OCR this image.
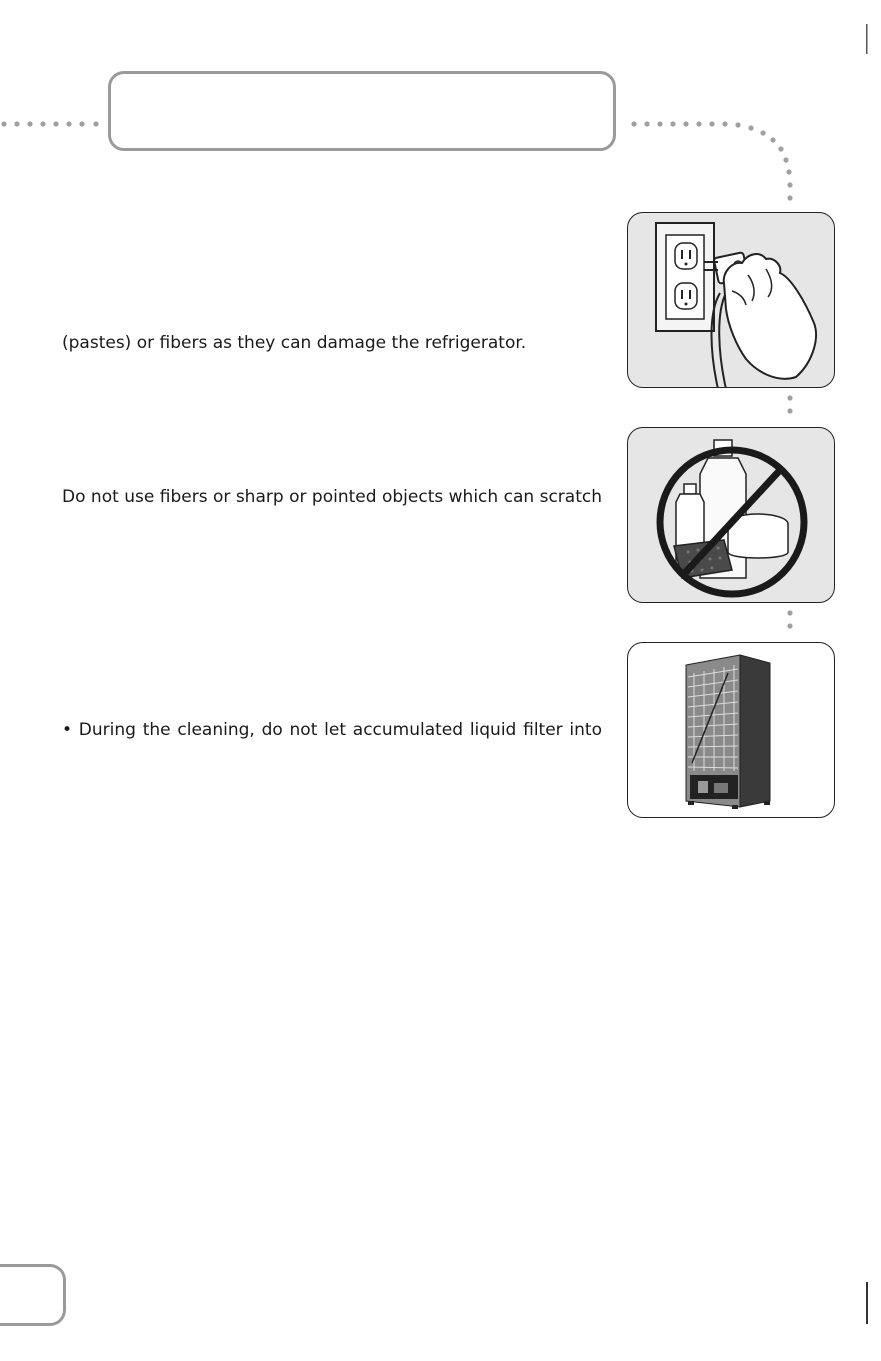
(pastes) or fibers as they can damage the refrigerator.
Do not use fibers or sharp or pointed objects which can scratch
• During the cleaning, do not let accumulated liquid filter into
